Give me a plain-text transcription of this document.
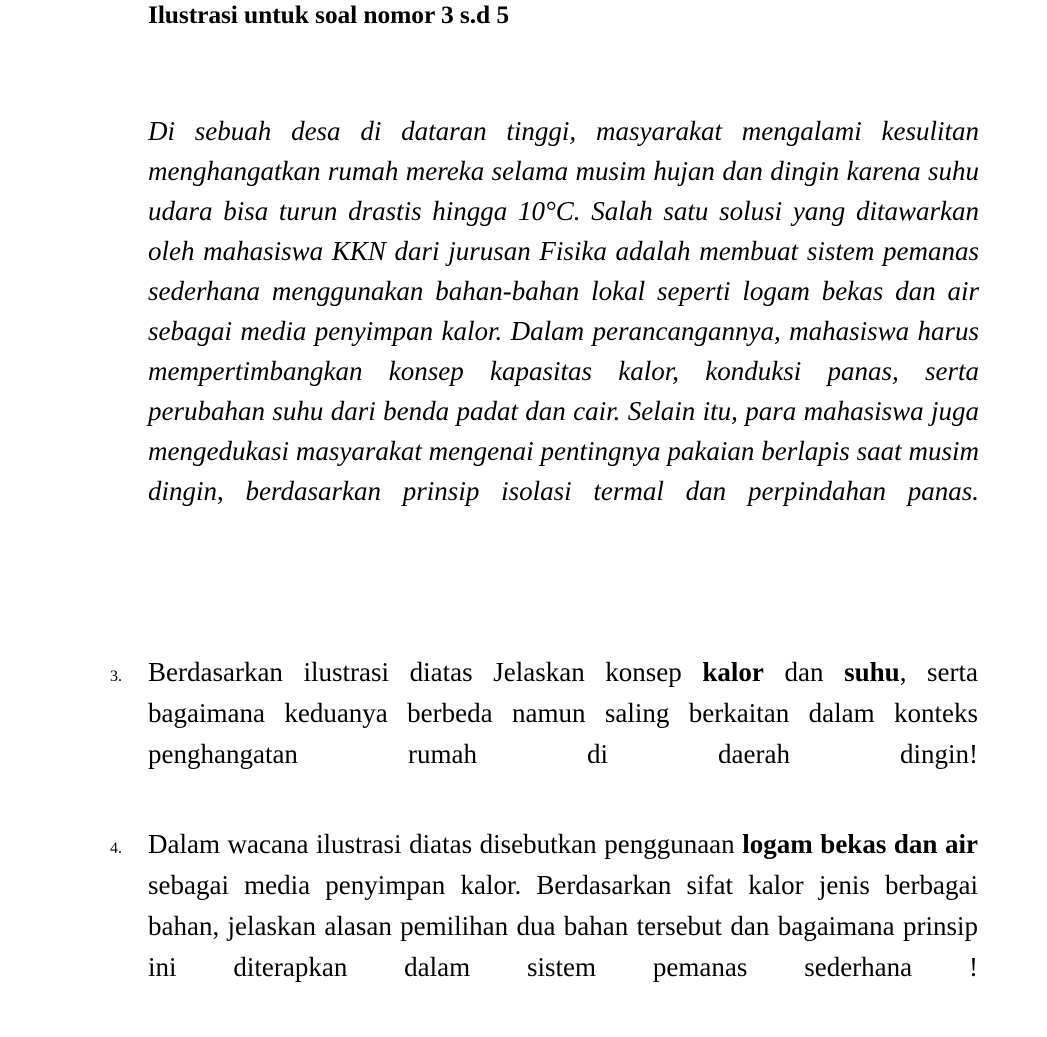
Ilustrasi untuk soal nomor 3 s.d 5
Di sebuah desa di dataran tinggi, masyarakat mengalami kesulitan menghangatkan rumah mereka selama musim hujan dan dingin karena suhu udara bisa turun drastis hingga 10°C. Salah satu solusi yang ditawarkan oleh mahasiswa KKN dari jurusan Fisika adalah membuat sistem pemanas sederhana menggunakan bahan-bahan lokal seperti logam bekas dan air sebagai media penyimpan kalor. Dalam perancangannya, mahasiswa harus mempertimbangkan konsep kapasitas kalor, konduksi panas, serta perubahan suhu dari benda padat dan cair. Selain itu, para mahasiswa juga mengedukasi masyarakat mengenai pentingnya pakaian berlapis saat musim dingin, berdasarkan prinsip isolasi termal dan perpindahan panas.
3. Berdasarkan ilustrasi diatas Jelaskan konsep kalor dan suhu, serta bagaimana keduanya berbeda namun saling berkaitan dalam konteks penghangatan rumah di daerah dingin!
4. Dalam wacana ilustrasi diatas disebutkan penggunaan logam bekas dan air sebagai media penyimpan kalor. Berdasarkan sifat kalor jenis berbagai bahan, jelaskan alasan pemilihan dua bahan tersebut dan bagaimana prinsip ini diterapkan dalam sistem pemanas sederhana !
